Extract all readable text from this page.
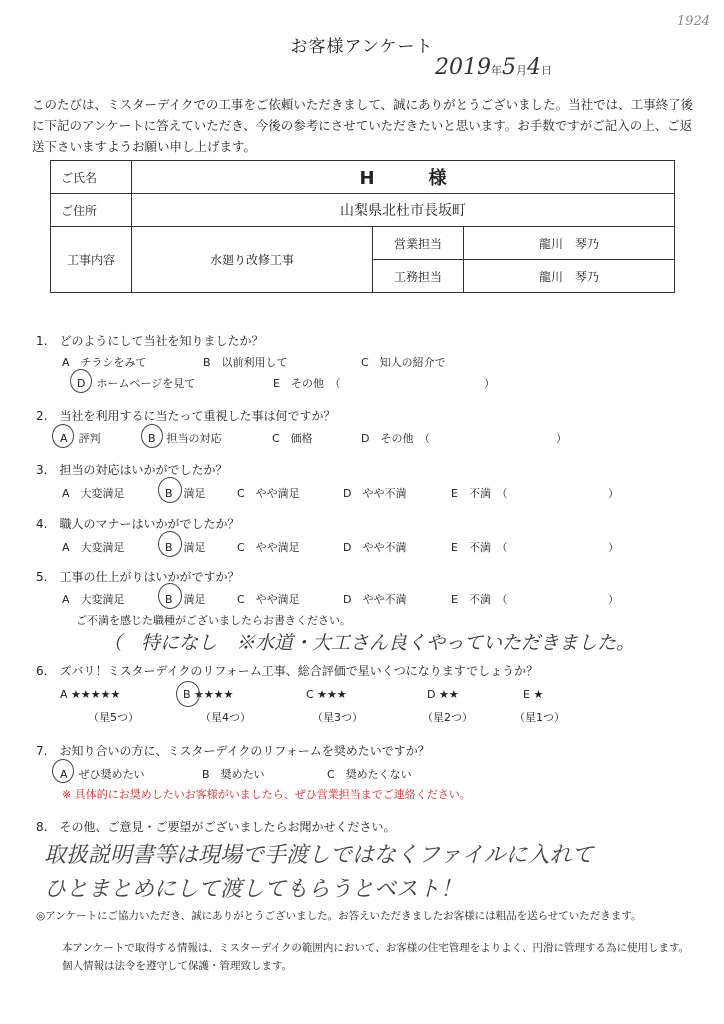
お客様アンケート
1924
2019年5月4日
このたびは、ミスターデイクでの工事をご依頼いただきまして、誠にありがとうございました。当社では、工事終了後に下記のアンケートに答えていただき、今後の参考にさせていただきたいと思います。お手数ですがご記入の上、ご返送下さいますようお願い申し上げます。
ご氏名	H　　　様		
ご住所	山梨県北杜市長坂町		
工事内容	水廻り改修工事	営業担当	龍川　琴乃
		工務担当	龍川　琴乃
1.　どのようにして当社を知りましたか？
A　チラシをみて	B　以前利用して	C　知人の紹介で
D　ホームページを見て	E　その他　（	）
2.　当社を利用するに当たって重視した事は何ですか？
A　評判	B　担当の対応	C　価格	D　その他　（	）
3.　担当の対応はいかがでしたか？
A　大変満足	B　満足	C　やや満足	D　やや不満	E　不満　（	）
4.　職人のマナーはいかがでしたか？
A　大変満足	B　満足	C　やや満足	D　やや不満	E　不満　（	）
5.　工事の仕上がりはいかがですか？
A　大変満足	B　満足	C　やや満足	D　やや不満	E　不満　（	）
ご不満を感じた職種がございましたらお書きください。
（　特になし　※水道・大工さん良くやっていただきました。
6.　ズバリ！ミスターデイクのリフォーム工事、総合評価で星いくつになりますでしょうか？
A ★★★★★	B ★★★★	C ★★★	D ★★	E ★
（星5つ）	（星4つ）	（星3つ）	（星2つ）	（星1つ）
7.　お知り合いの方に、ミスターデイクのリフォームを奨めたいですか？
A　ぜひ奨めたい	B　奨めたい	C　奨めたくない
※ 具体的にお奨めしたいお客様がいましたら、ぜひ営業担当までご連絡ください。
8.　その他、ご意見・ご要望がございましたらお聞かせください。
取扱説明書等は現場で手渡しではなくファイルに入れて
ひとまとめにして渡してもらうとベスト！
◎アンケートにご協力いただき、誠にありがとうございました。お答えいただきましたお客様には粗品を送らせていただきます。
本アンケートで取得する情報は、ミスターデイクの範囲内において、お客様の住宅管理をよりよく、円滑に管理する為に使用します。
個人情報は法令を遵守して保護・管理致します。
